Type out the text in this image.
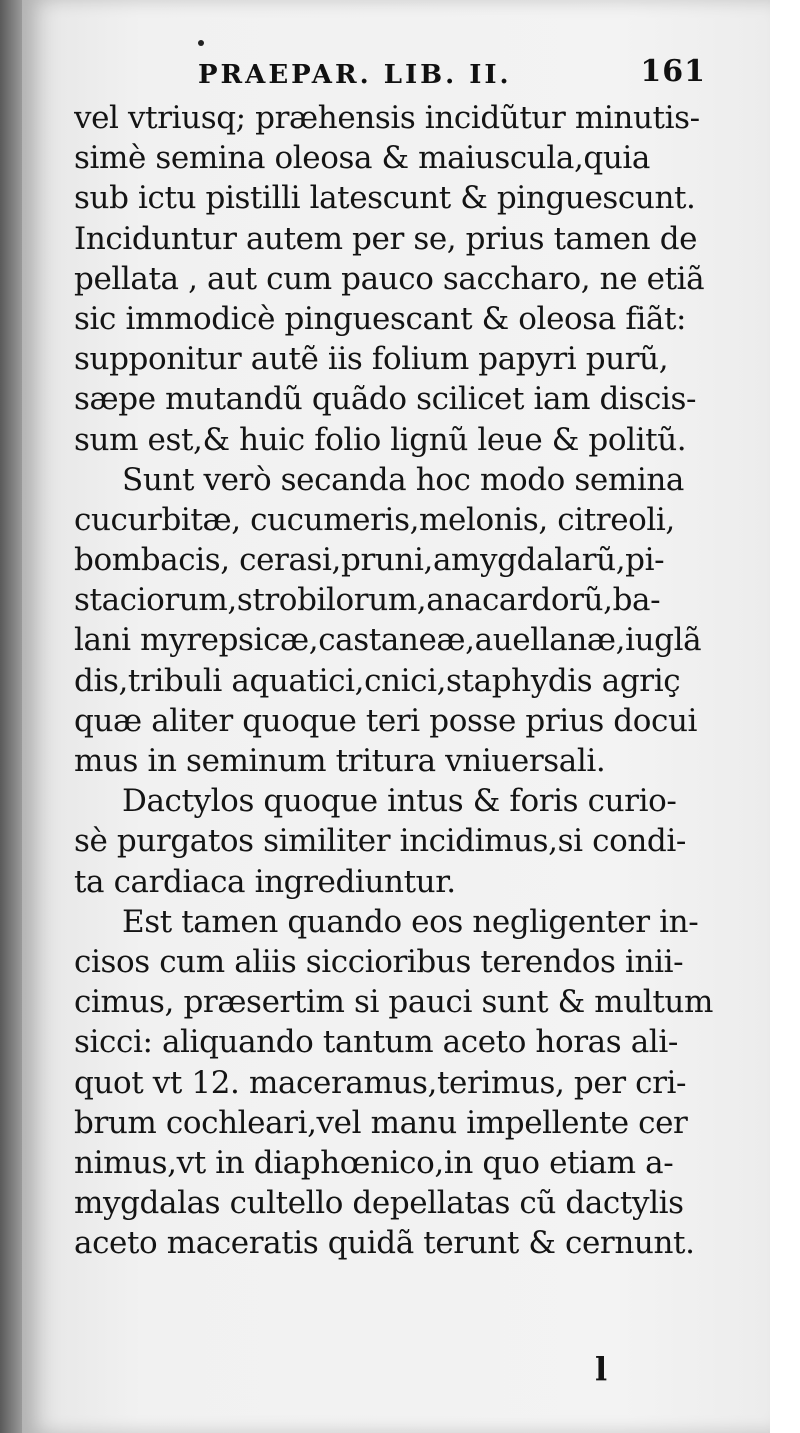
PRAEPAR. LIB. II.	161
vel vtriusq; præhensis incidũtur minutis-
simè semina oleosa & maiuscula,quia
sub ictu pistilli latescunt & pinguescunt.
Inciduntur autem per se, prius tamen de
pellata , aut cum pauco saccharo, ne etiã
sic immodicè pinguescant & oleosa fiãt:
supponitur autẽ iis folium papyri purũ,
sæpe mutandũ quãdo scilicet iam discis-
sum est,& huic folio lignũ leue & politũ.
Sunt verò secanda hoc modo semina
cucurbitæ, cucumeris,melonis, citreoli,
bombacis, cerasi,pruni,amygdalarũ,pi-
staciorum,strobilorum,anacardorũ,ba-
lani myrepsicæ,castaneæ,auellanæ,iuglã
dis,tribuli aquatici,cnici,staphydis agriç
quæ aliter quoque teri posse prius docui
mus in seminum tritura vniuersali.
Dactylos quoque intus & foris curio-
sè purgatos similiter incidimus,si condi-
ta cardiaca ingrediuntur.
Est tamen quando eos negligenter in-
cisos cum aliis siccioribus terendos inii-
cimus, præsertim si pauci sunt & multum
sicci: aliquando tantum aceto horas ali-
quot vt 12. maceramus,terimus, per cri-
brum cochleari,vel manu impellente cer
nimus,vt in diaphœnico,in quo etiam a-
mygdalas cultello depellatas cũ dactylis
aceto maceratis quidã terunt & cernunt.
l
